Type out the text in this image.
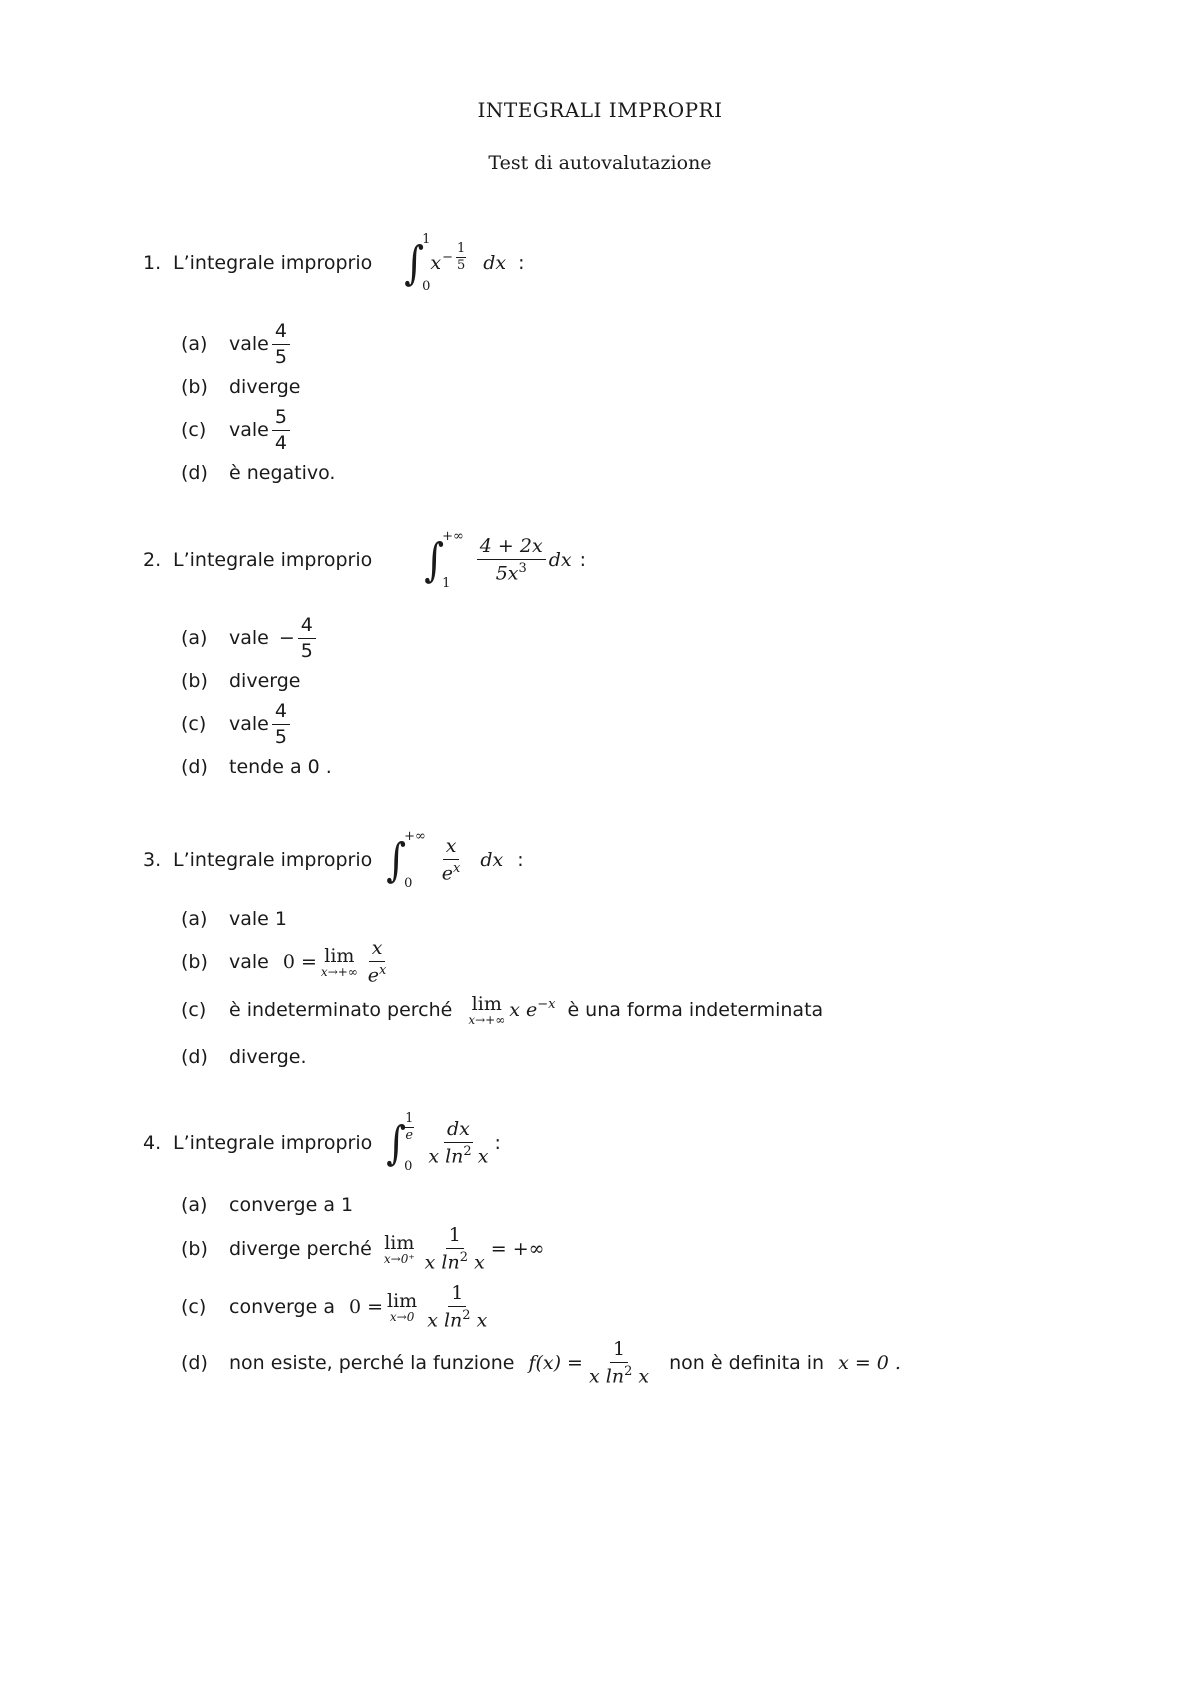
INTEGRALI IMPROPRI
Test di autovalutazione
1. L’integrale improprio ∫
1
0
$x - \frac{1}{5}$ dx :
(a)	vale $\frac{4}{5}$
(b)	diverge
(c)	vale $\frac{5}{4}$
(d)	è negativo.
2. L’integrale improprio ∫
+∞
1	$\frac{4 + 2x}{5x^3}$ dx :
(a)	vale − $\frac{4}{5}$
(b)	diverge
(c)	vale $\frac{4}{5}$
(d)	tende a 0 .
3. L’integrale improprio ∫
+∞
0	$\frac{x}{e^x}$ dx :
(a)	vale 1
(b)	vale 0 = lim
$x\to+\infty \frac{x}{e^x}$
(c)	è indeterminato perché lim
x→+∞ x $e^{-x}$ è una forma indeterminata
(d)	diverge.
4. L’integrale improprio ∫
$\frac{1}{e}$
$0 \frac{dx}{x \ln^2 x}$ :
(a)	converge a 1
(b)	diverge perché lim
$x\to 0^+ \frac{1}{x \ln^2 x}$ = +∞
(c)	converge a 0 = lim
$x\to 0 \frac{1}{x \ln^2 x}$
(d)	non esiste, perché la funzione $f(x) = \frac{1}{x \ln^2 x}$ non è definita in x = 0 .
